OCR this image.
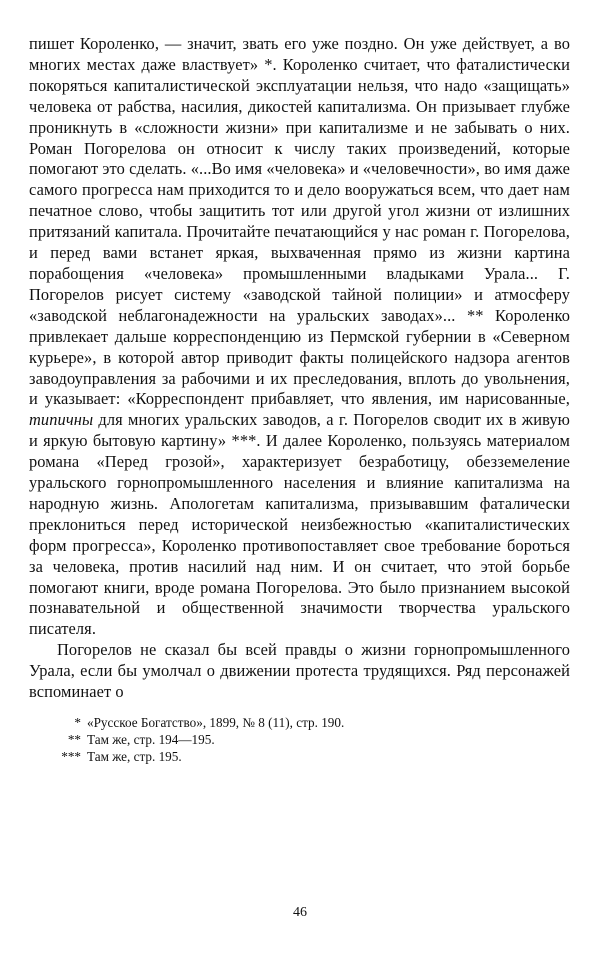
пишет Короленко, — значит, звать его уже поздно. Он уже действует, а во многих местах даже властвует» *. Короленко считает, что фаталистически покоряться капиталистической эксплуатации нельзя, что надо «защищать» человека от рабства, насилия, дикостей капитализма. Он призывает глубже проникнуть в «сложности жизни» при капитализме и не забывать о них. Роман Погорелова он относит к числу таких произведений, которые помогают это сделать. «...Во имя «человека» и «человечности», во имя даже самого прогресса нам приходится то и дело вооружаться всем, что дает нам печатное слово, чтобы защитить тот или другой угол жизни от излишних притязаний капитала. Прочитайте печатающийся у нас роман г. Погорелова, и перед вами встанет яркая, выхваченная прямо из жизни картина порабощения «человека» промышленными владыками Урала... Г. Погорелов рисует систему «заводской тайной полиции» и атмосферу «заводской неблагонадежности на уральских заводах»... ** Короленко привлекает дальше корреспонденцию из Пермской губернии в «Северном курьере», в которой автор приводит факты полицейского надзора агентов заводоуправления за рабочими и их преследования, вплоть до увольнения, и указывает: «Корреспондент прибавляет, что явления, им нарисованные, типичны для многих уральских заводов, а г. Погорелов сводит их в живую и яркую бытовую картину» ***. И далее Короленко, пользуясь материалом романа «Перед грозой», характеризует безработицу, обезземеление уральского горнопромышленного населения и влияние капитализма на народную жизнь. Апологетам капитализма, призывавшим фаталически преклониться перед исторической неизбежностью «капиталистических форм прогресса», Короленко противопоставляет свое требование бороться за человека, против насилий над ним. И он считает, что этой борьбе помогают книги, вроде романа Погорелова. Это было признанием высокой познавательной и общественной значимости творчества уральского писателя.

Погорелов не сказал бы всей правды о жизни горнопромышленного Урала, если бы умолчал о движении протеста трудящихся. Ряд персонажей вспоминает о

* «Русское Богатство», 1899, № 8 (11), стр. 190.
** Там же, стр. 194—195.
*** Там же, стр. 195.
46
